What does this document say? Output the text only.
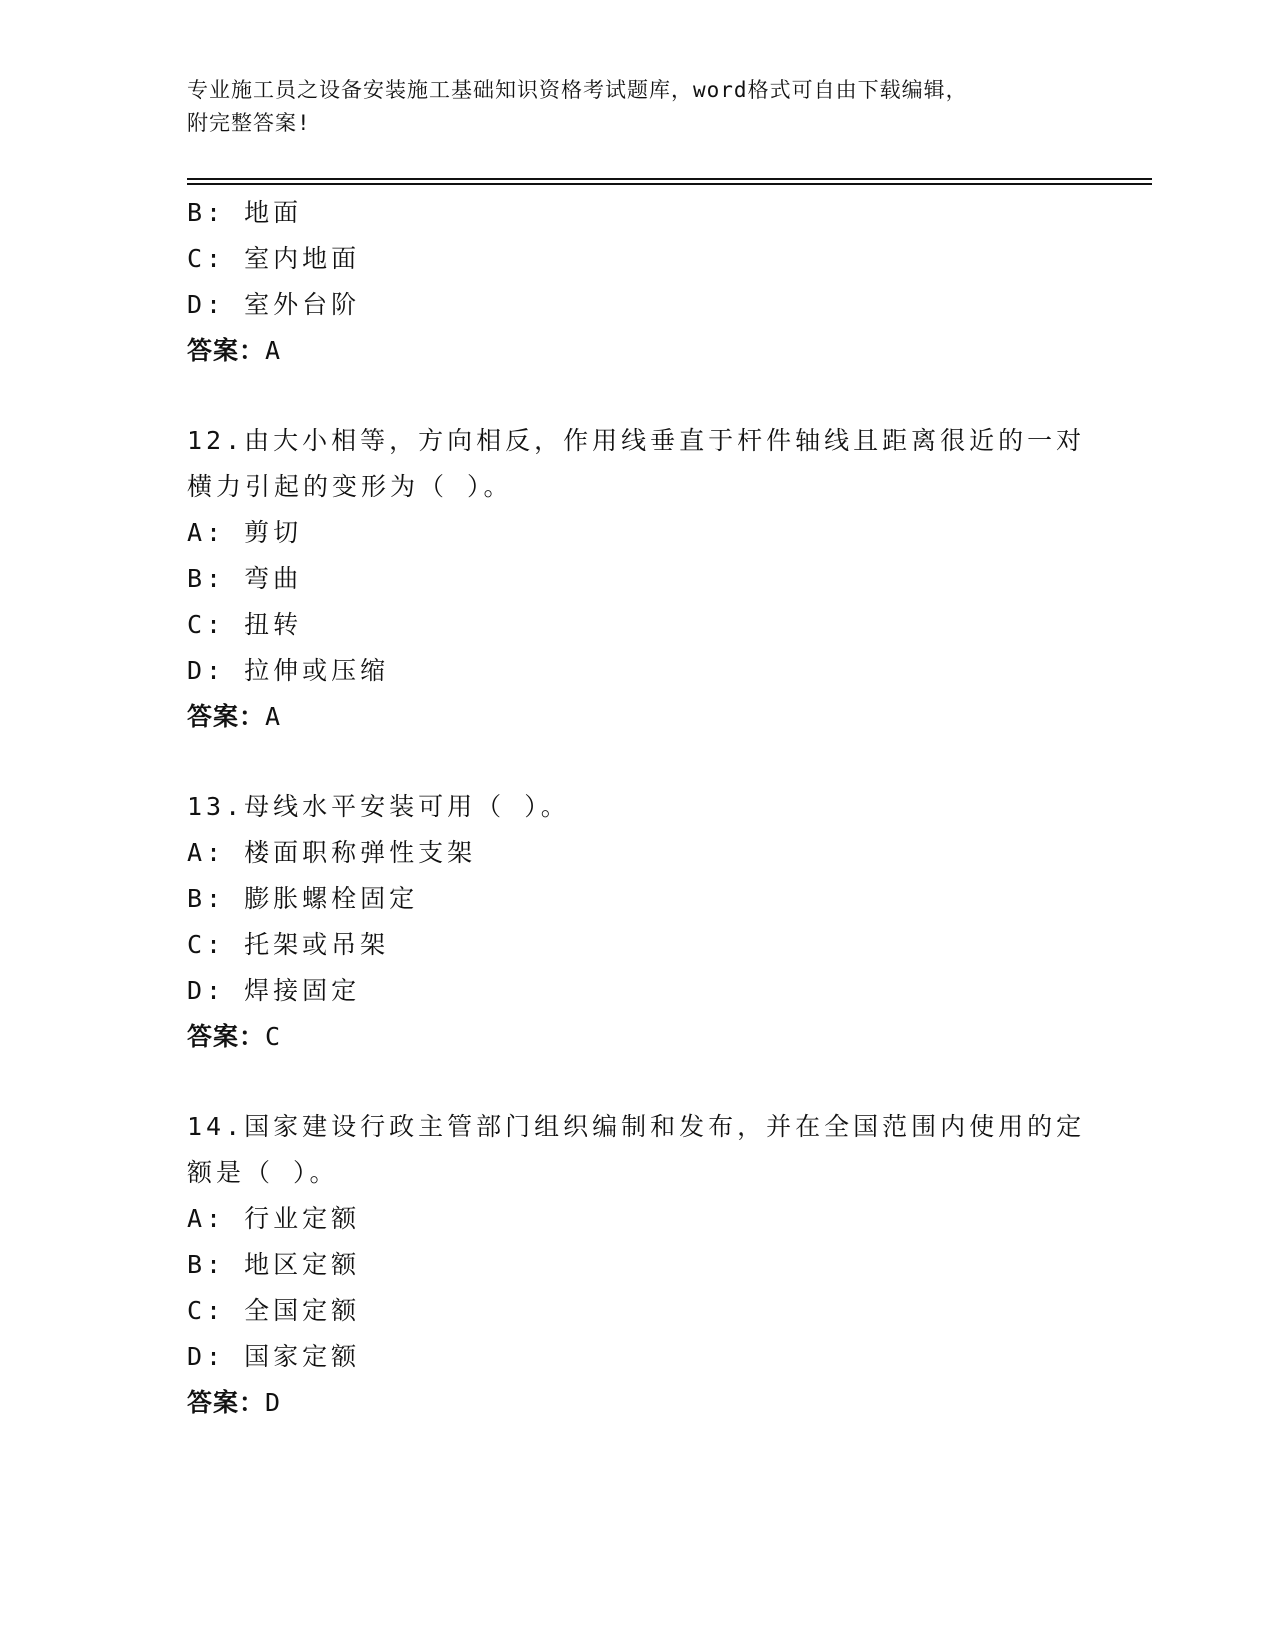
专业施工员之设备安装施工基础知识资格考试题库，word格式可自由下载编辑，
附完整答案!
B: 地面
C: 室内地面
D: 室外台阶
答案：A
12.由大小相等，方向相反，作用线垂直于杆件轴线且距离很近的一对
横力引起的变形为（ ）。
A: 剪切
B: 弯曲
C: 扭转
D: 拉伸或压缩
答案：A
13.母线水平安装可用（ ）。
A: 楼面职称弹性支架
B: 膨胀螺栓固定
C: 托架或吊架
D: 焊接固定
答案：C
14.国家建设行政主管部门组织编制和发布，并在全国范围内使用的定
额是（ ）。
A: 行业定额
B: 地区定额
C: 全国定额
D: 国家定额
答案：D
